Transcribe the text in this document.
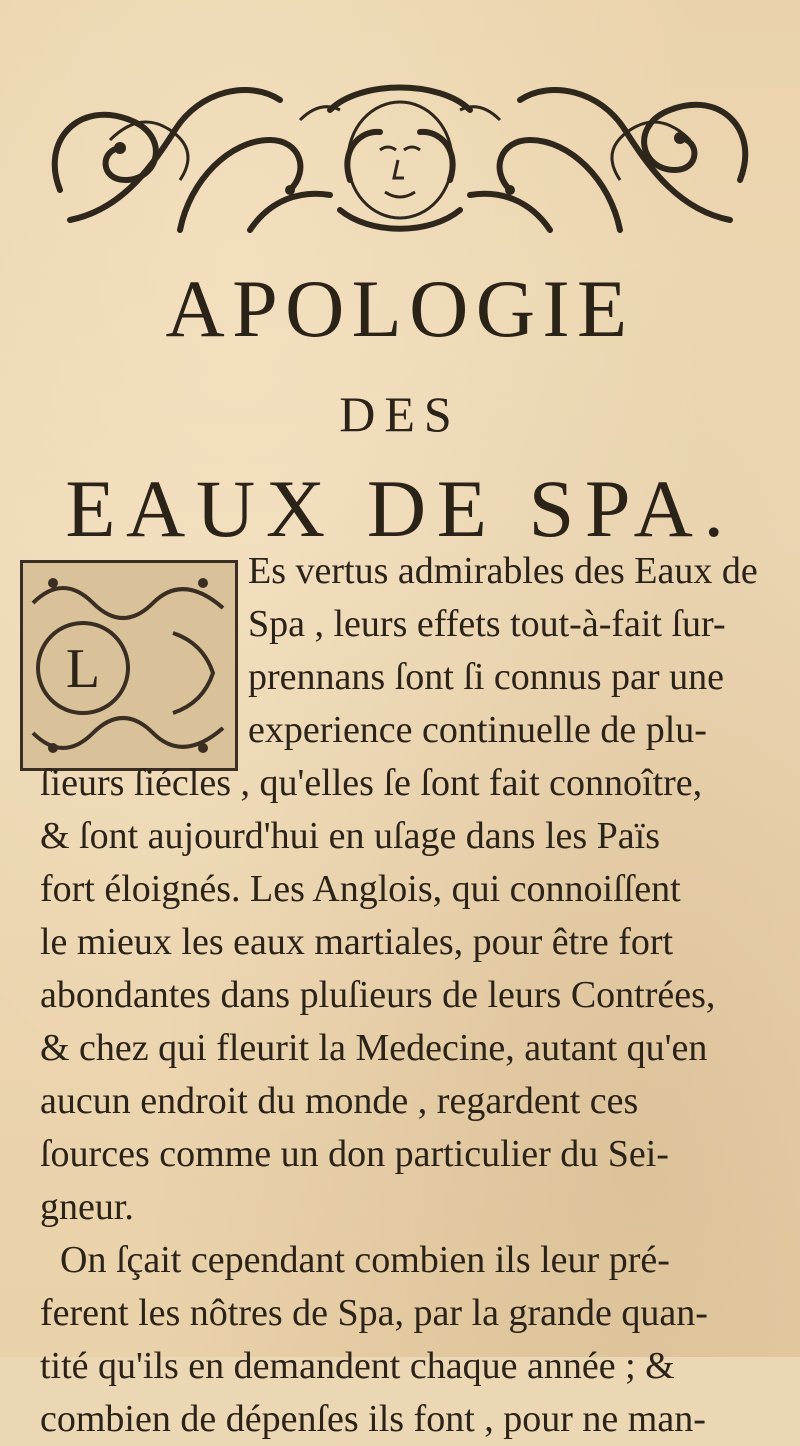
APOLOGIE
DES
EAUX DE SPA.
L
Es vertus admirables des Eaux de
Spa , leurs effets tout-à-fait ſur-
prennans ſont ſi connus par une
experience continuelle de plu-
ſieurs ſiécles , qu'elles ſe ſont fait connoître,
& ſont aujourd'hui en uſage dans les Païs
fort éloignés. Les Anglois, qui connoiſſent
le mieux les eaux martiales, pour être fort
abondantes dans pluſieurs de leurs Contrées,
& chez qui fleurit la Medecine, autant qu'en
aucun endroit du monde , regardent ces
ſources comme un don particulier du Sei-
gneur.
On ſçait cependant combien ils leur pré-
ferent les nôtres de Spa, par la grande quan-
tité qu'ils en demandent chaque année ; &
combien de dépenſes ils font , pour ne man-
